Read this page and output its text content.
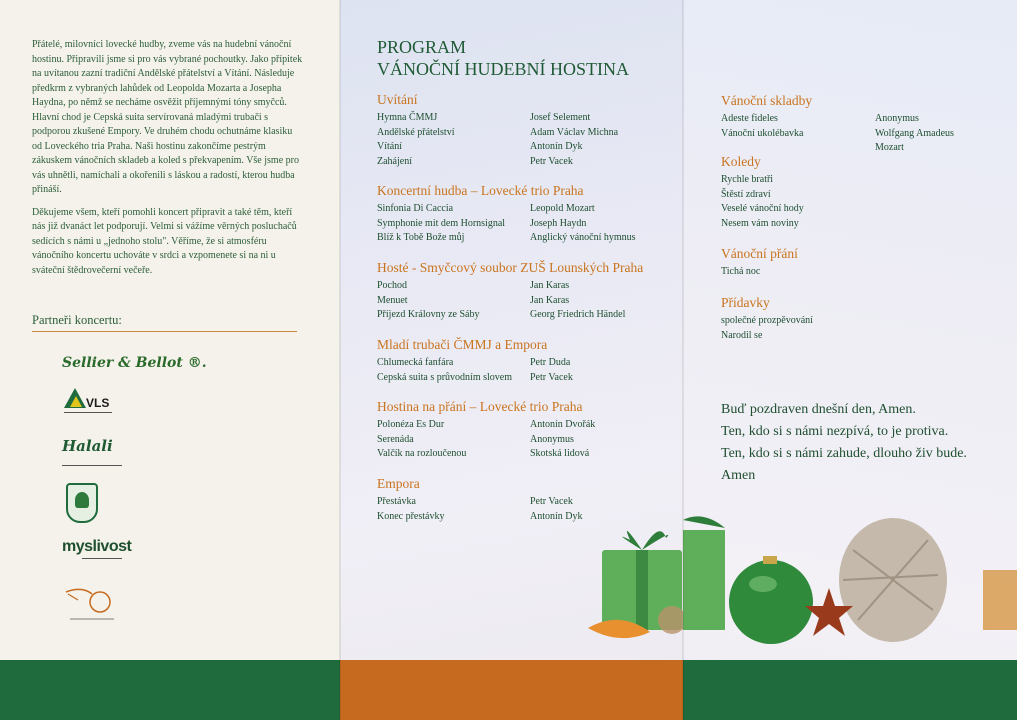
Přátelé, milovníci lovecké hudby, zveme vás na hudební vánoční hostinu. Připravili jsme si pro vás vybrané pochoutky. Jako přípitek na uvítanou zazní tradiční Andělské přátelství a Vítání. Následuje předkrm z vybraných lahůdek od Leopolda Mozarta a Josepha Haydna, po němž se necháme osvěžit příjemnými tóny smyčců. Hlavní chod je Cepská suita servírovaná mladými trubači s podporou zkušené Empory. Ve druhém chodu ochutnáme klasiku od Loveckého tria Praha. Naši hostinu zakončíme pestrým zákuskem vánočních skladeb a koled s překvapením. Vše jsme pro vás uhnětli, namíchali a okořenili s láskou a radostí, kterou hudba přináší.

Děkujeme všem, kteří pomohli koncert připravit a také těm, kteří nás již dvanáct let podporují. Velmi si vážíme věrných posluchačů sedících s námi u „jednoho stolu". Věříme, že si atmosféru vánočního koncertu uchováte v srdci a vzpomenete si na ni u sváteční štědrovečerní večeře.

Partneři koncertu:
Sellier & Bellot ®.
VLS
Halali
myslivost
PROGRAM
VÁNOČNÍ HUDEBNÍ HOSTINA
Uvítání
Hymna ČMMJ	Josef Selement
Andělské přátelství	Adam Václav Michna
Vítání	Antonín Dyk
Zahájení	Petr Vacek
Koncertní hudba – Lovecké trio Praha
Sinfonia Di Caccia	Leopold Mozart
Symphonie mit dem Hornsignal	Joseph Haydn
Blíž k Tobě Bože můj	Anglický vánoční hymnus
Hosté - Smyčcový soubor ZUŠ Lounských Praha
Pochod	Jan Karas
Menuet	Jan Karas
Příjezd Královny ze Sáby	Georg Friedrich Händel
Mladí trubači ČMMJ a Empora
Chlumecká fanfára	Petr Duda
Cepská suita s průvodním slovem	Petr Vacek
Hostina na přání – Lovecké trio Praha
Polonéza Es Dur	Antonín Dvořák
Serenáda	Anonymus
Valčík na rozloučenou	Skotská lidová
Empora
Přestávka	Petr Vacek
Konec přestávky	Antonín Dyk
Vánoční skladby
Adeste fideles	Anonymus
Vánoční ukolébavka	Wolfgang Amadeus
Mozart
Koledy
Rychle bratři
Štěstí zdraví
Veselé vánoční hody
Nesem vám noviny
Vánoční přání
Tichá noc
Přídavky
společné prozpěvování
Narodil se
Buď pozdraven dnešní den, Amen.
Ten, kdo si s námi nezpívá, to je protiva.
Ten, kdo si s námi zahude, dlouho živ bude.
Amen
